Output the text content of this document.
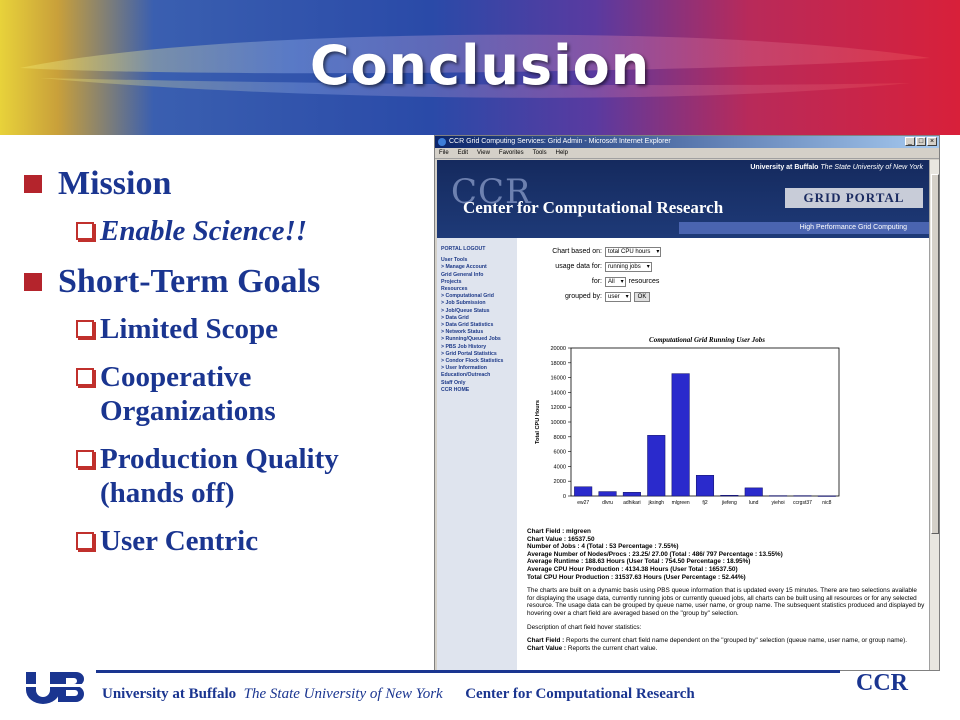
Conclusion
Mission
Enable Science!!
Short-Term Goals
Limited Scope
Cooperative Organizations
Production Quality (hands off)
User Centric
CCR Grid Computing Services: Grid Admin - Microsoft Internet Explorer	_ □ ×
File Edit View Favorites Tools Help
University at Buffalo The State University of New York
CCR
Center for Computational Research
GRID PORTAL
High Performance Grid Computing
PORTAL LOGOUT
User Tools
> Manage Account
Grid General Info
Projects
Resources
> Computational Grid
> Job Submission
> Job/Queue Status
> Data Grid
> Data Grid Statistics
> Network Status
> Running/Queued Jobs
> PBS Job History
> Grid Portal Statistics
> Condor Flock Statistics
> User Information
Education/Outreach
Staff Only
CCR HOME
Chart based on:	total CPU hours ▾
usage data for:	running jobs ▾
for:	All ▾	resources
grouped by:	user ▾	OK
Computational Grid Running User Jobs
0
2000
4000
6000
8000
10000
12000
14000
16000
18000
20000
Total CPU Hours
ew27	dlvru adhikari jksingh mlgreen	fj2	jiefeng lund	yiehoi ccrgst37 nic8
Chart Field : mlgreen
Chart Value : 16537.50
Number of Jobs : 4 (Total : 53 Percentage : 7.55%)
Average Number of Nodes/Procs : 23.25/ 27.00 (Total : 486/ 797 Percentage : 13.55%)
Average Runtime : 188.63 Hours (User Total : 754.50 Percentage : 18.95%)
Average CPU Hour Production : 4134.38 Hours (User Total : 16537.50)
Total CPU Hour Production : 31537.63 Hours (User Percentage : 52.44%)
The charts are built on a dynamic basis using PBS queue information that is updated every 15 minutes. There are two selections available for displaying the usage data, currently running jobs or currently queued jobs, all charts can be built using all resources or for any selected resource. The usage data can be grouped by queue name, user name, or group name. The subsequent statistics produced and displayed by hovering over a chart field are averaged based on the "group by" selection.
Description of chart field hover statistics:
Chart Field : Reports the current chart field name dependent on the "grouped by" selection (queue name, user name, or group name).
Chart Value : Reports the current chart value.
University at Buffalo The State University of New York Center for Computational Research	CCR
